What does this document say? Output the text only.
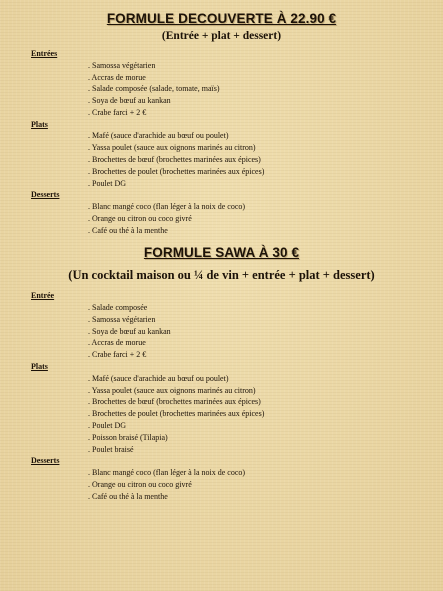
FORMULE DECOUVERTE À 22.90 €
(Entrée + plat + dessert)
Entrées
. Samossa végétarien
. Accras de morue
. Salade composée (salade, tomate, maïs)
. Soya de bœuf au kankan
. Crabe farci + 2 €
Plats
. Mafé (sauce d'arachide au bœuf ou poulet)
. Yassa poulet (sauce aux oignons marinés au citron)
. Brochettes de bœuf (brochettes marinées aux épices)
. Brochettes de poulet (brochettes marinées aux épices)
. Poulet DG
Desserts
. Blanc mangé coco (flan léger à la noix de coco)
. Orange ou citron ou coco givré
. Café ou thé à la menthe
FORMULE SAWA À 30 €
(Un cocktail maison ou ¼ de vin + entrée + plat + dessert)
Entrée
. Salade composée
. Samossa végétarien
. Soya de bœuf au kankan
. Accras de morue
. Crabe farci + 2 €
Plats
. Mafé (sauce d'arachide au bœuf ou poulet)
. Yassa poulet (sauce aux oignons marinés au citron)
. Brochettes de bœuf (brochettes marinées aux épices)
. Brochettes de poulet (brochettes marinées aux épices)
. Poulet DG
. Poisson braisé (Tilapia)
. Poulet braisé
Desserts
. Blanc mangé coco (flan léger à la noix de coco)
. Orange ou citron ou coco givré
. Café ou thé à la menthe
